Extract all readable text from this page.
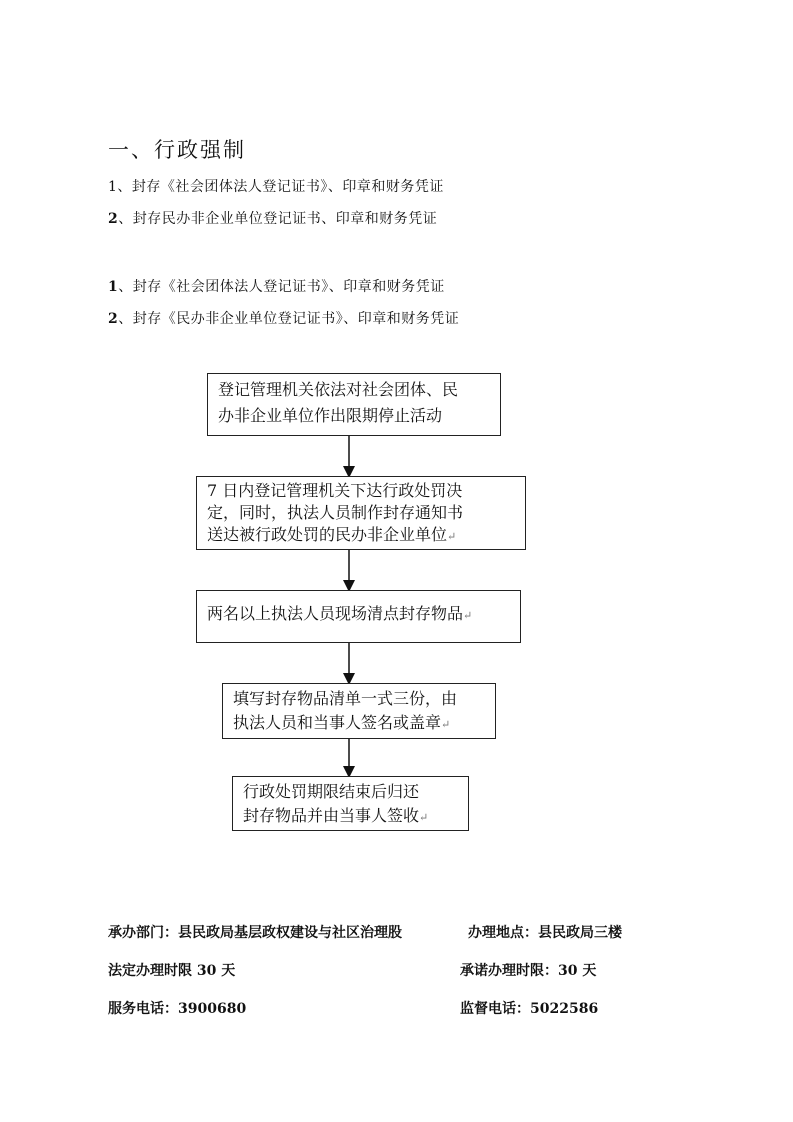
一、行政强制
1、封存《社会团体法人登记证书》、印章和财务凭证
2、封存民办非企业单位登记证书、印章和财务凭证
1、封存《社会团体法人登记证书》、印章和财务凭证
2、封存《民办非企业单位登记证书》、印章和财务凭证
登记管理机关依法对社会团体、民
办非企业单位作出限期停止活动
7 日内登记管理机关下达行政处罚决
定，同时，执法人员制作封存通知书
送达被行政处罚的民办非企业单位↵
两名以上执法人员现场清点封存物品↵
填写封存物品清单一式三份，由
执法人员和当事人签名或盖章↵
行政处罚期限结束后归还
封存物品并由当事人签收↵
承办部门：县民政局基层政权建设与社区治理股	办理地点：县民政局三楼
法定办理时限 30 天	承诺办理时限：30 天
服务电话：3900680	监督电话：5022586
